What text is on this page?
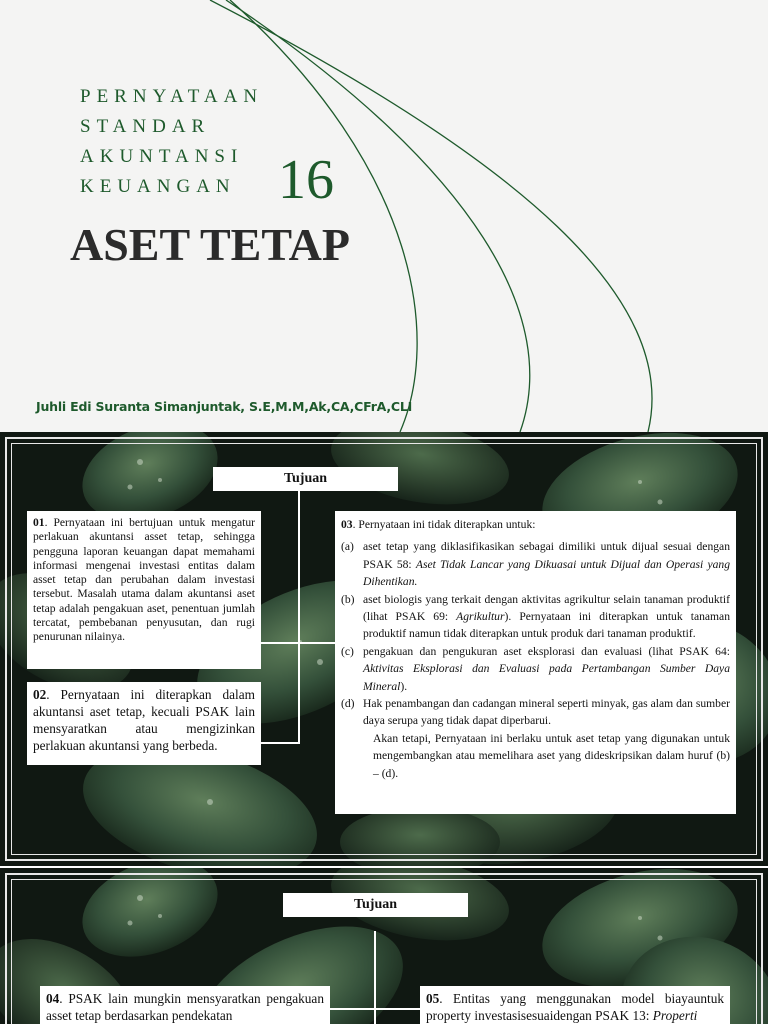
PERNYATAAN
STANDAR
AKUNTANSI
KEUANGAN 16
ASET TETAP
Juhli Edi Suranta Simanjuntak, S.E,M.M,Ak,CA,CFrA,CLI
Tujuan
01. Pernyataan ini bertujuan untuk mengatur perlakuan akuntansi asset tetap, sehingga pengguna laporan keuangan dapat memahami informasi mengenai investasi entitas dalam asset tetap dan perubahan dalam investasi tersebut. Masalah utama dalam akuntansi aset tetap adalah pengakuan aset, penentuan jumlah tercatat, pembebanan penyusutan, dan rugi penurunan nilainya.
02. Pernyataan ini diterapkan dalam akuntansi aset tetap, kecuali PSAK lain mensyaratkan atau mengizinkan perlakuan akuntansi yang berbeda.
03. Pernyataan ini tidak diterapkan untuk:
(a) aset tetap yang diklasifikasikan sebagai dimiliki untuk dijual sesuai dengan PSAK 58: Aset Tidak Lancar yang Dikuasai untuk Dijual dan Operasi yang Dihentikan.
(b) aset biologis yang terkait dengan aktivitas agrikultur selain tanaman produktif (lihat PSAK 69: Agrikultur). Pernyataan ini diterapkan untuk tanaman produktif namun tidak diterapkan untuk produk dari tanaman produktif.
(c) pengakuan dan pengukuran aset eksplorasi dan evaluasi (lihat PSAK 64: Aktivitas Eksplorasi dan Evaluasi pada Pertambangan Sumber Daya Mineral).
(d) Hak penambangan dan cadangan mineral seperti minyak, gas alam dan sumber daya serupa yang tidak dapat diperbarui.
Akan tetapi, Pernyataan ini berlaku untuk aset tetap yang digunakan untuk mengembangkan atau memelihara aset yang dideskripsikan dalam huruf (b) – (d).
Tujuan
04. PSAK lain mungkin mensyaratkan pengakuan asset tetap berdasarkan pendekatan
05. Entitas yang menggunakan model biayauntuk property investasisesuaidengan PSAK 13: Properti
